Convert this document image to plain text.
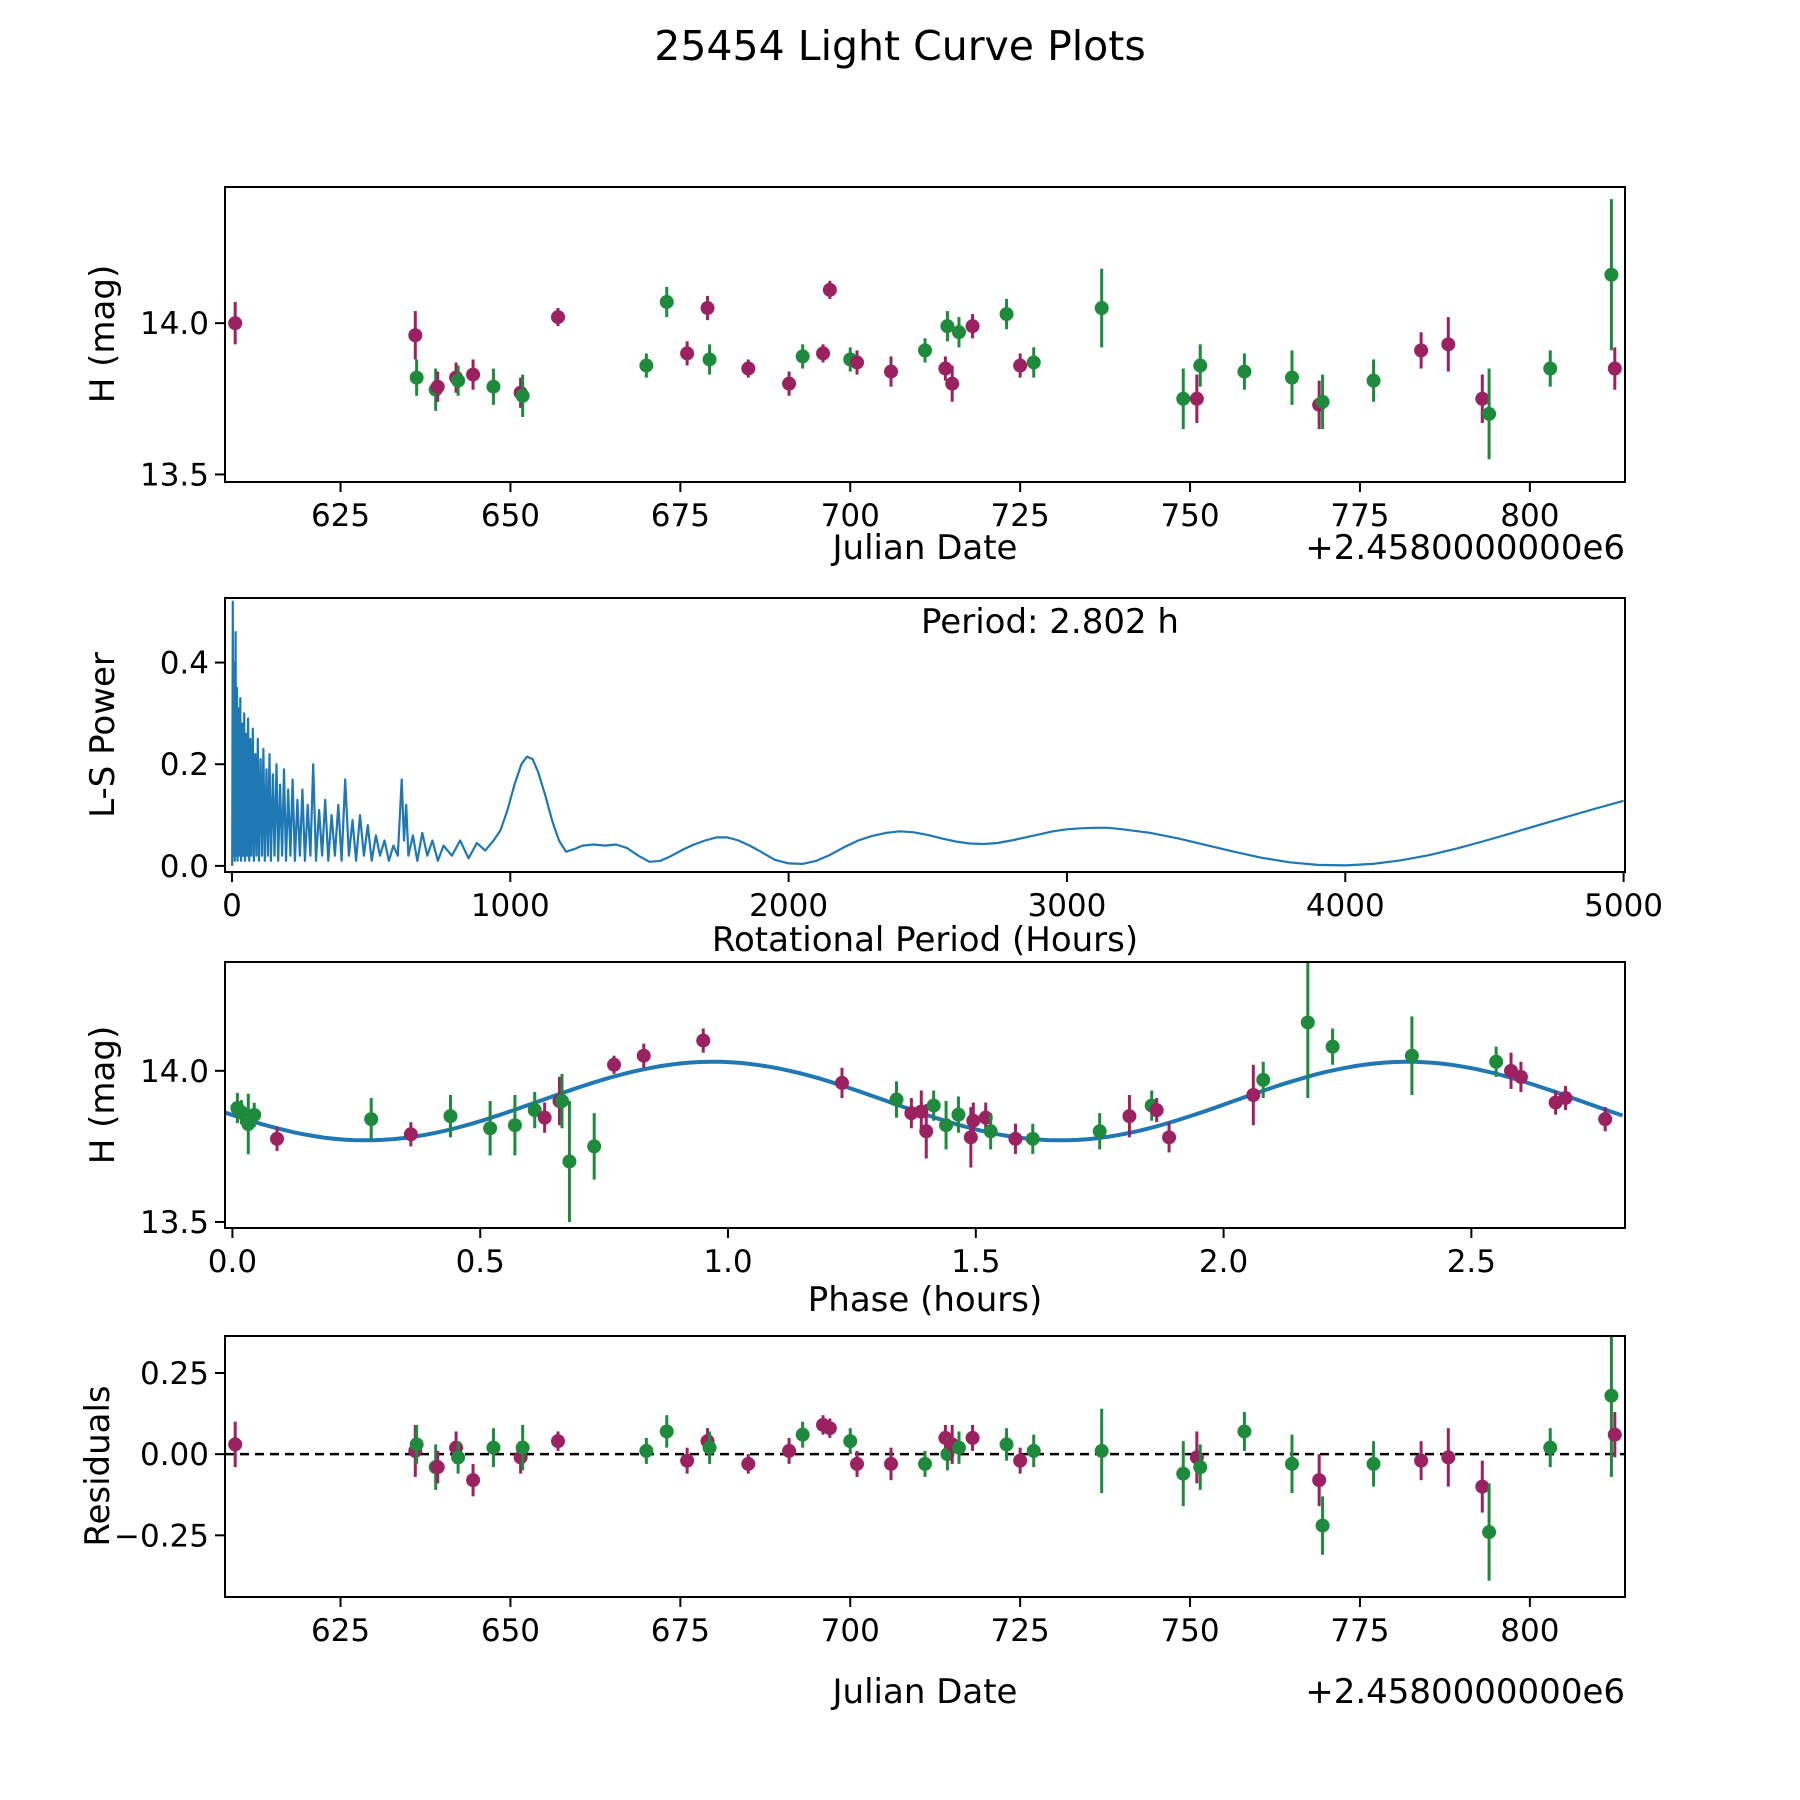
25454 Light Curve Plots
625	650	675	700	725	750	775	800
13.5
14.0
0	1000	2000	3000	4000	5000
0.0
0.2
0.4
0.0	0.5	1.0	1.5	2.0	2.5
13.5
14.0
625	650	675	700	725	750	775	800
0.25
0.00
−0.25
H (mag)
Julian Date	+2.4580000000e6
L-S Power
Period: 2.802 h
Rotational Period (Hours)
H (mag)
Phase (hours)
Residuals
Julian Date	+2.4580000000e6
